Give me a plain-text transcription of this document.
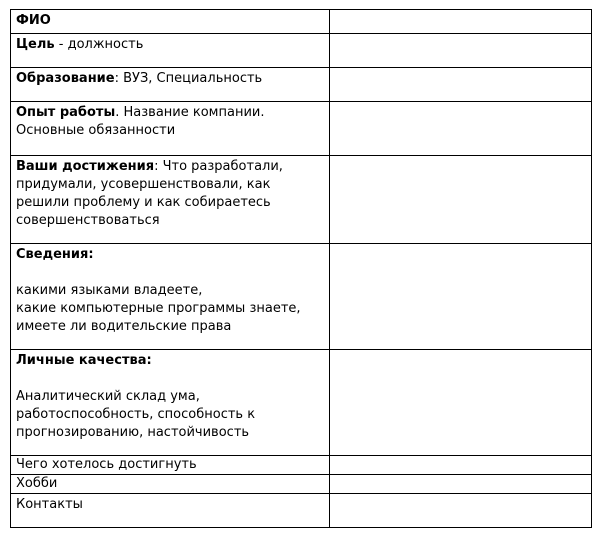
ФИО	
Цель - должность	
Образование: ВУЗ, Специальность	
Опыт работы. Название компании. Основные обязанности	
Ваши достижения: Что разработали, придумали, усовершенствовали, как решили проблему и как собираетесь совершенствоваться	

Сведения:
какими языками владеете,
какие компьютерные программы знаете,
имеете ли водительские права	

Личные качества:
Аналитический склад ума, работоспособность, способность к прогнозированию, настойчивость	

Чего хотелось достигнуть	
Хобби	
Контакты	
